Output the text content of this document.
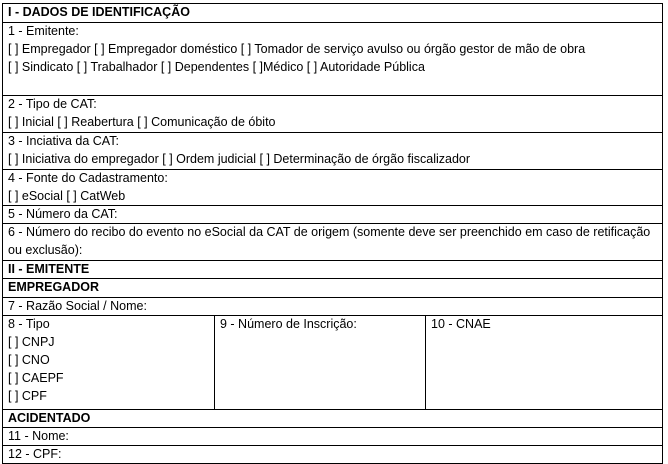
I - DADOS DE IDENTIFICAÇÃO
1 - Emitente:
[ ] Empregador [ ] Empregador doméstico [ ] Tomador de serviço avulso ou órgão gestor de mão de obra
[ ] Sindicato [ ] Trabalhador [ ] Dependentes [ ]Médico [ ] Autoridade Pública
2 - Tipo de CAT:
[ ] Inicial [ ] Reabertura [ ] Comunicação de óbito
3 - Inciativa da CAT:
[ ] Iniciativa do empregador [ ] Ordem judicial [ ] Determinação de órgão fiscalizador
4 - Fonte do Cadastramento:
[ ] eSocial [ ] CatWeb
5 - Número da CAT:
6 - Número do recibo do evento no eSocial da CAT de origem (somente deve ser preenchido em caso de retificação ou exclusão):
II - EMITENTE
EMPREGADOR
7 - Razão Social / Nome:
8 - Tipo
[ ] CNPJ
[ ] CNO
[ ] CAEPF
[ ] CPF
9 - Número de Inscrição:	10 - CNAE
ACIDENTADO
11 - Nome:
12 - CPF:
